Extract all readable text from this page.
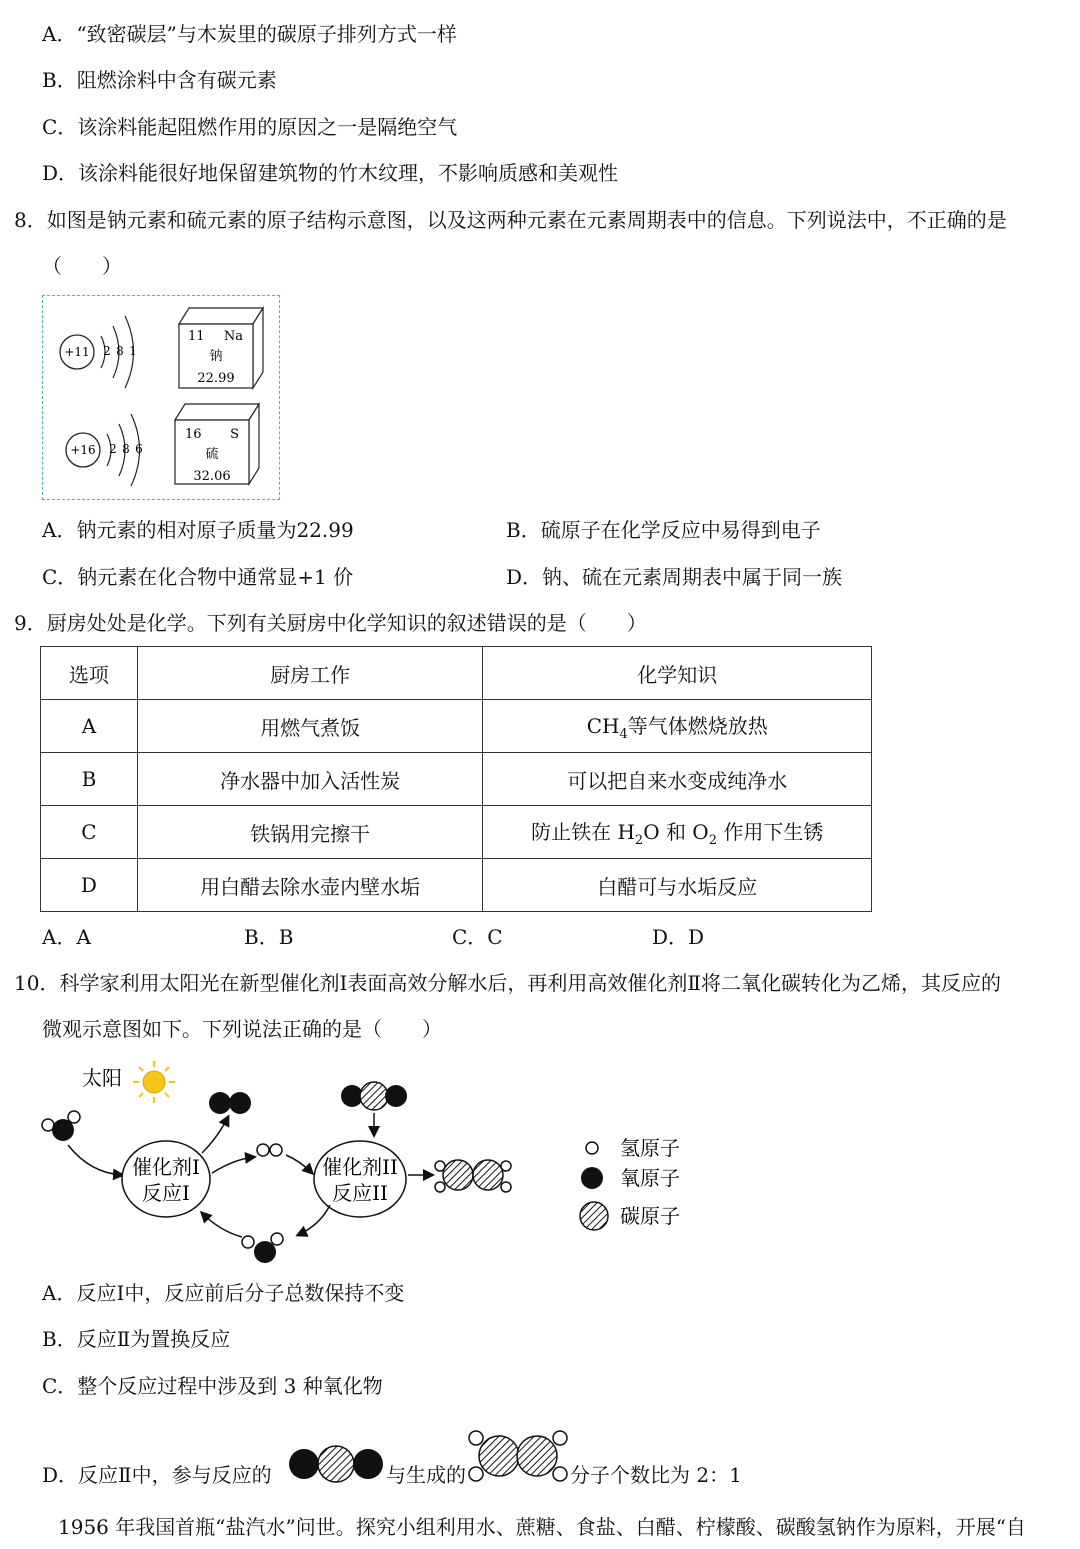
A．“致密碳层”与木炭里的碳原子排列方式一样
B．阻燃涂料中含有碳元素
C．该涂料能起阻燃作用的原因之一是隔绝空气
D．该涂料能很好地保留建筑物的竹木纹理，不影响质感和美观性
8．如图是钠元素和硫元素的原子结构示意图，以及这两种元素在元素周期表中的信息。下列说法中，不正确的是
（　　）
+11 2 8 1
11 Na
钠
22.99
+16 2 8 6
16 S
硫
32.06
A．钠元素的相对原子质量为22.99	B．硫原子在化学反应中易得到电子
C．钠元素在化合物中通常显+1 价	D．钠、硫在元素周期表中属于同一族
9．厨房处处是化学。下列有关厨房中化学知识的叙述错误的是（　　）
选项	厨房工作	化学知识
A	用燃气煮饭	$CH_4$等气体燃烧放热
B	净水器中加入活性炭	可以把自来水变成纯净水
C	铁锅用完擦干	防止铁在 $H_2O$ 和 $O_2$ 作用下生锈
D	用白醋去除水壶内壁水垢	白醋可与水垢反应
A．A	B．B	C．C	D．D
10．科学家利用太阳光在新型催化剂Ⅰ表面高效分解水后，再利用高效催化剂Ⅱ将二氧化碳转化为乙烯，其反应的
微观示意图如下。下列说法正确的是（　　）
太阳
催化剂I
反应I
催化剂II
反应II
氢原子
氧原子
碳原子
A．反应Ⅰ中，反应前后分子总数保持不变
B．反应Ⅱ为置换反应
C．整个反应过程中涉及到 3 种氧化物
D．反应Ⅱ中，参与反应的	与生成的	分子个数比为 2：1
1956 年我国首瓶“盐汽水”问世。探究小组利用水、蔗糖、食盐、白醋、柠檬酸、碳酸氢钠作为原料，开展“自
